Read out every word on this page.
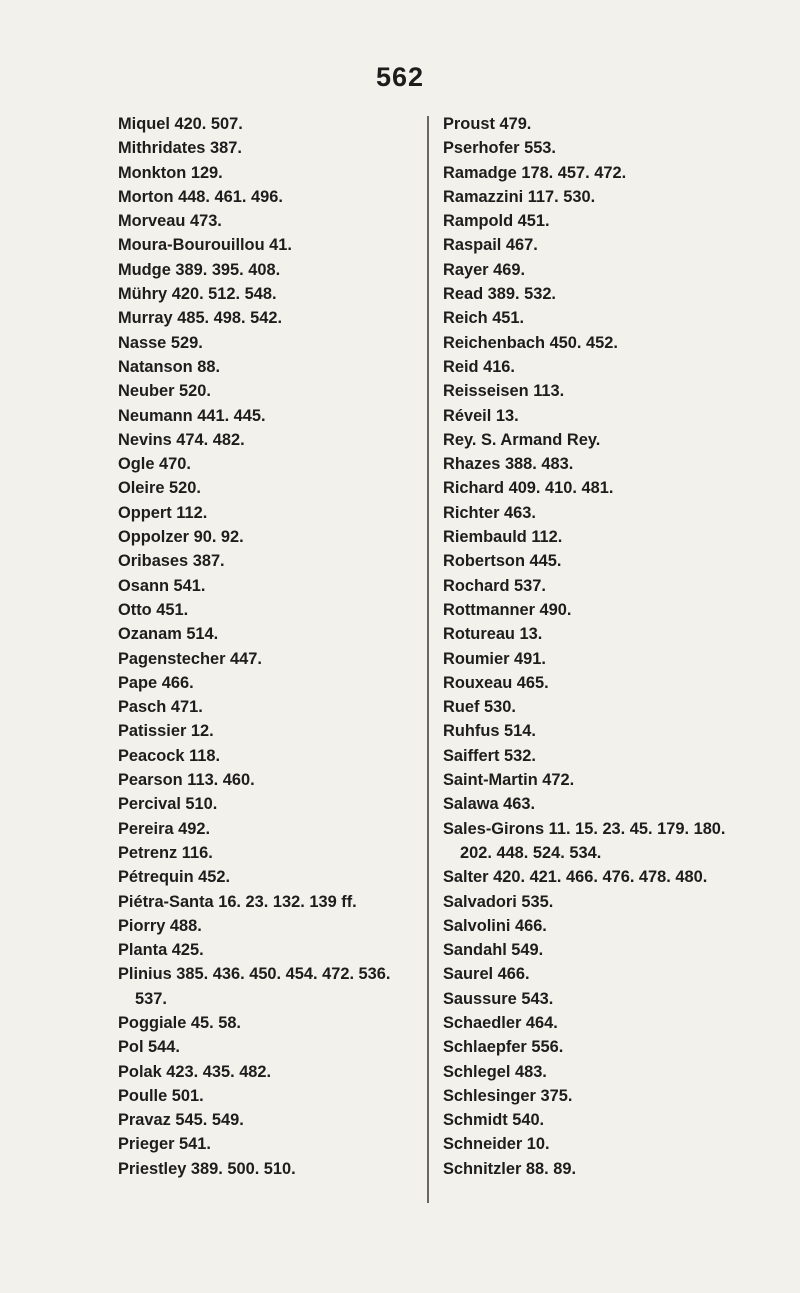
562
Miquel 420. 507.
Mithridates 387.
Monkton 129.
Morton 448. 461. 496.
Morveau 473.
Moura-Bourouillou 41.
Mudge 389. 395. 408.
Mühry 420. 512. 548.
Murray 485. 498. 542.
Nasse 529.
Natanson 88.
Neuber 520.
Neumann 441. 445.
Nevins 474. 482.
Ogle 470.
Oleire 520.
Oppert 112.
Oppolzer 90. 92.
Oribases 387.
Osann 541.
Otto 451.
Ozanam 514.
Pagenstecher 447.
Pape 466.
Pasch 471.
Patissier 12.
Peacock 118.
Pearson 113. 460.
Percival 510.
Pereira 492.
Petrenz 116.
Pétrequin 452.
Piétra-Santa 16. 23. 132. 139 ff.
Piorry 488.
Planta 425.
Plinius 385. 436. 450. 454. 472. 536.
537.
Poggiale 45. 58.
Pol 544.
Polak 423. 435. 482.
Poulle 501.
Pravaz 545. 549.
Prieger 541.
Priestley 389. 500. 510.
Proust 479.
Pserhofer 553.
Ramadge 178. 457. 472.
Ramazzini 117. 530.
Rampold 451.
Raspail 467.
Rayer 469.
Read 389. 532.
Reich 451.
Reichenbach 450. 452.
Reid 416.
Reisseisen 113.
Réveil 13.
Rey. S. Armand Rey.
Rhazes 388. 483.
Richard 409. 410. 481.
Richter 463.
Riembauld 112.
Robertson 445.
Rochard 537.
Rottmanner 490.
Rotureau 13.
Roumier 491.
Rouxeau 465.
Ruef 530.
Ruhfus 514.
Saiffert 532.
Saint-Martin 472.
Salawa 463.
Sales-Girons 11. 15. 23. 45. 179. 180.
202. 448. 524. 534.
Salter 420. 421. 466. 476. 478. 480.
Salvadori 535.
Salvolini 466.
Sandahl 549.
Saurel 466.
Saussure 543.
Schaedler 464.
Schlaepfer 556.
Schlegel 483.
Schlesinger 375.
Schmidt 540.
Schneider 10.
Schnitzler 88. 89.
